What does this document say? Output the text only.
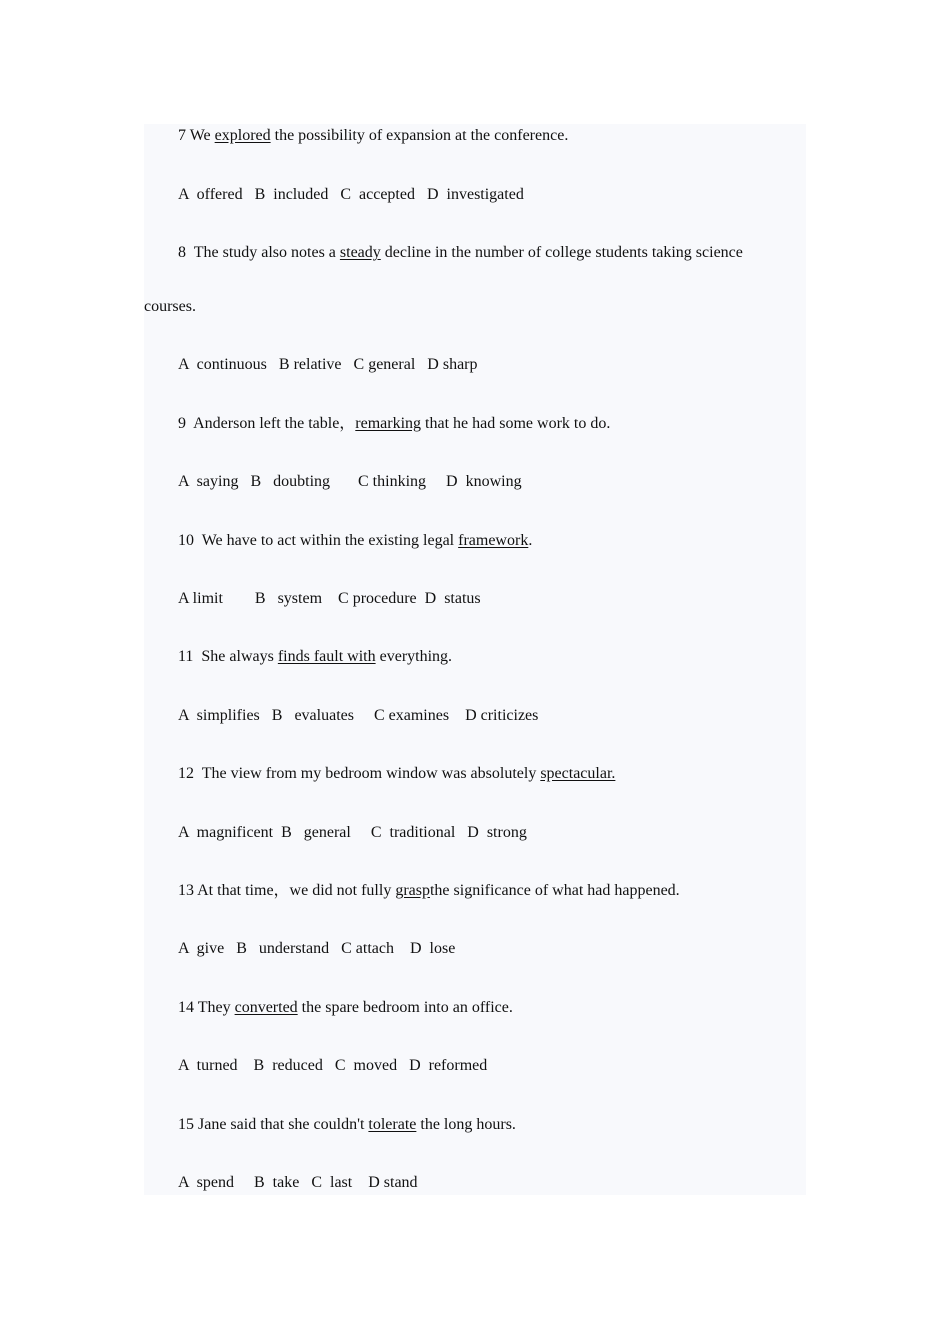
7 We explored the possibility of expansion at the conference.

A  offered   B  included   C  accepted   D  investigated

8  The study also notes a steady decline in the number of college students taking science

courses.

A  continuous   B relative   C general   D sharp

9  Anderson left the table，remarking that he had some work to do.

A  saying   B   doubting       C thinking     D  knowing

10  We have to act within the existing legal framework.

A limit        B   system    C procedure  D  status

11  She always finds fault with everything.

A  simplifies   B   evaluates     C examines    D criticizes

12  The view from my bedroom window was absolutely spectacular.

A  magnificent  B   general     C  traditional   D  strong

13 At that time，we did not fully graspthe significance of what had happened.

A  give   B   understand   C attach    D  lose

14 They converted the spare bedroom into an office.

A  turned    B  reduced   C  moved   D  reformed

15 Jane said that she couldn't tolerate the long hours.

A  spend     B  take   C  last    D stand
